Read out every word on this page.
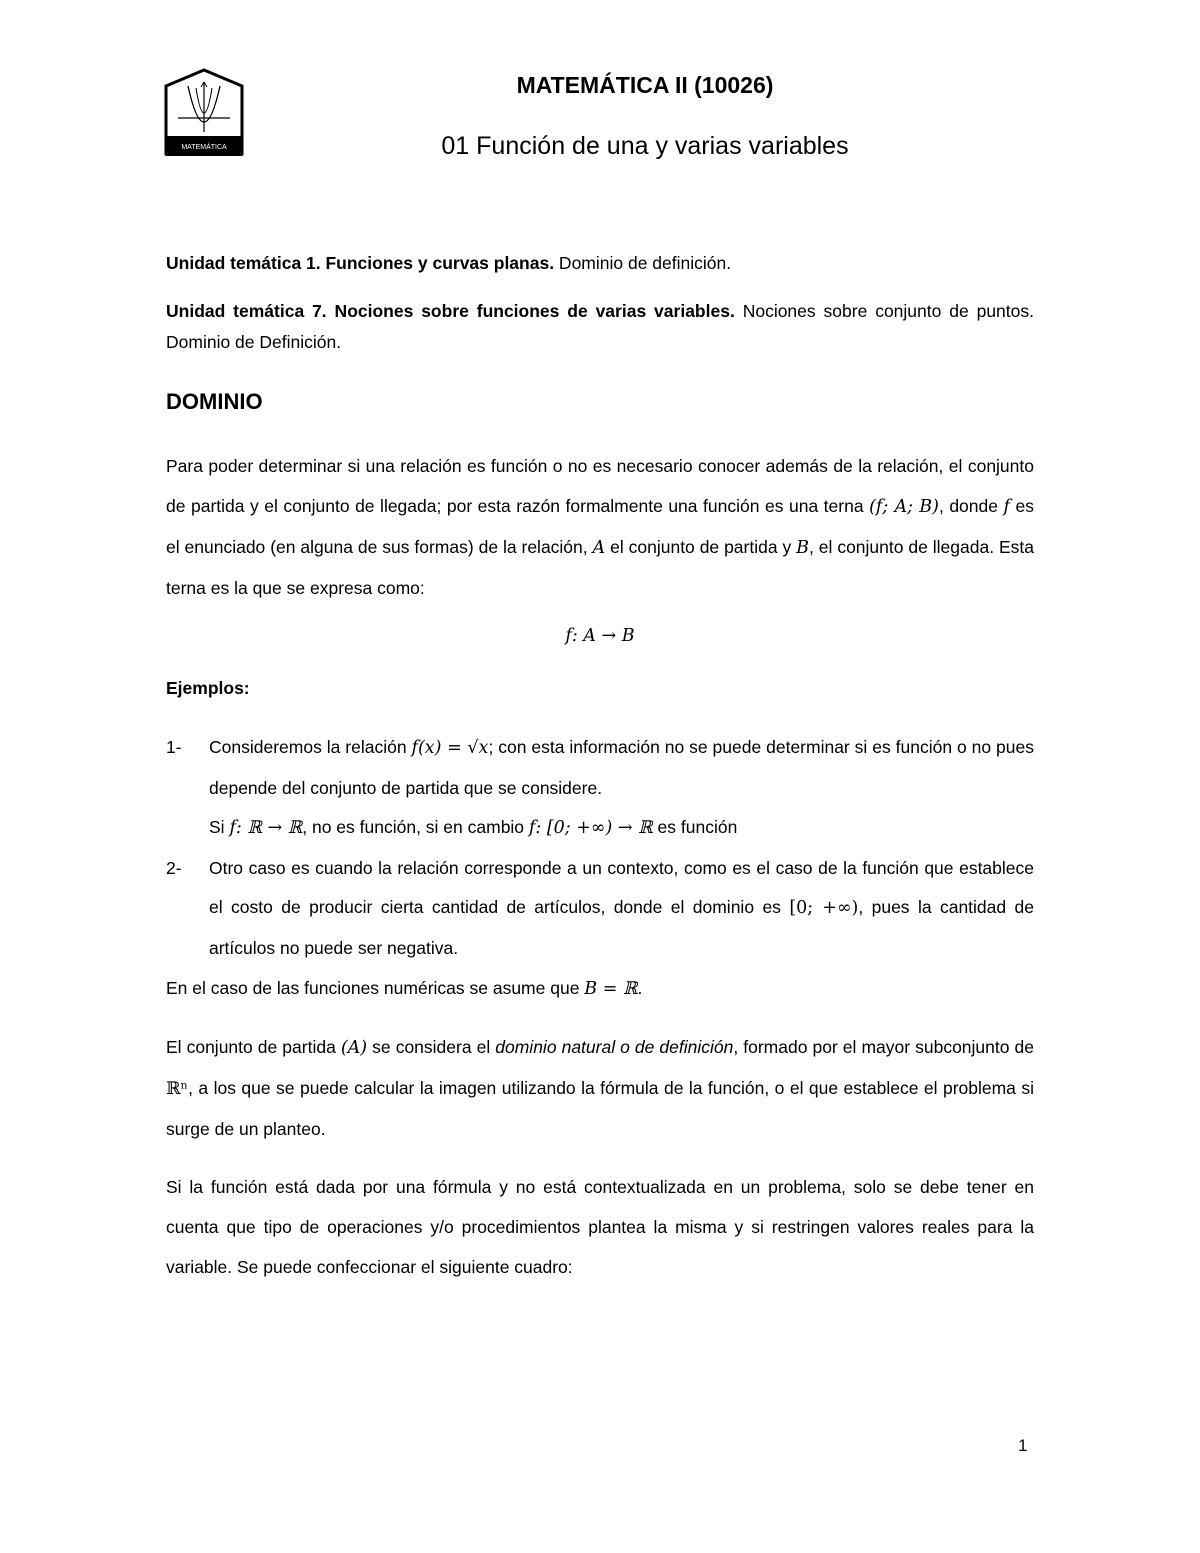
MATEMÁTICA
MATEMÁTICA II (10026)
01 Función de una y varias variables

Unidad temática 1. Funciones y curvas planas. Dominio de definición.

Unidad temática 7. Nociones sobre funciones de varias variables. Nociones sobre conjunto de puntos. Dominio de Definición.

DOMINIO

Para poder determinar si una relación es función o no es necesario conocer además de la relación, el conjunto de partida y el conjunto de llegada; por esta razón formalmente una función es una terna (f; A; B), donde f es el enunciado (en alguna de sus formas) de la relación, A el conjunto de partida y B, el conjunto de llegada. Esta terna es la que se expresa como:

f: A → B

Ejemplos:

1-	Consideremos la relación f(x) = √x; con esta información no se puede determinar si es función o no pues depende del conjunto de partida que se considere.
Si f: ℝ → ℝ, no es función, si en cambio f: [0; +∞) → ℝ es función
2-	Otro caso es cuando la relación corresponde a un contexto, como es el caso de la función que establece el costo de producir cierta cantidad de artículos, donde el dominio es [0; +∞), pues la cantidad de artículos no puede ser negativa.

En el caso de las funciones numéricas se asume que B = ℝ.

El conjunto de partida (A) se considera el dominio natural o de definición, formado por el mayor subconjunto de ℝⁿ, a los que se puede calcular la imagen utilizando la fórmula de la función, o el que establece el problema si surge de un planteo.

Si la función está dada por una fórmula y no está contextualizada en un problema, solo se debe tener en cuenta que tipo de operaciones y/o procedimientos plantea la misma y si restringen valores reales para la variable. Se puede confeccionar el siguiente cuadro:

1
